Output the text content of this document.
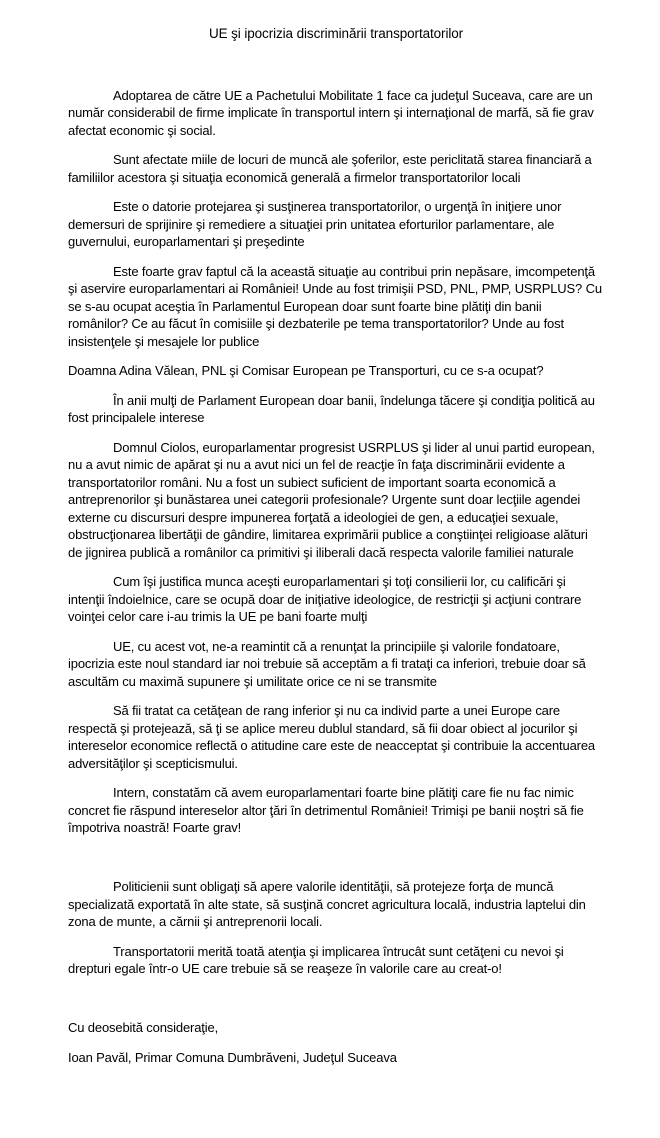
UE şi ipocrizia discriminării transportatorilor

Adoptarea de către UE a Pachetului Mobilitate 1 face ca judeţul Suceava, care are un număr considerabil de firme implicate în transportul intern şi internaţional de marfă, să fie grav afectat economic şi social.

Sunt afectate miile de locuri de muncă ale şoferilor, este periclitată starea financiară a familiilor acestora şi situaţia economică generală a firmelor transportatorilor locali

Este o datorie protejarea şi susţinerea transportatorilor, o urgenţă în iniţiere unor demersuri de sprijinire şi remediere a situaţiei prin unitatea eforturilor parlamentare, ale guvernului, europarlamentari şi preşedinte

Este foarte grav faptul că la această situaţie au contribui prin nepăsare, imcompetenţă şi aservire europarlamentari ai României! Unde au fost trimişii PSD, PNL, PMP, USRPLUS? Cu se s-au ocupat aceştia în Parlamentul European doar sunt foarte bine plătiţi din banii românilor? Ce au făcut în comisiile şi dezbaterile pe tema transportatorilor? Unde au fost insistenţele şi mesajele lor publice

Doamna Adina Vălean, PNL şi Comisar European pe Transporturi, cu ce s-a ocupat?

În anii mulţi de Parlament European doar banii, îndelunga tăcere şi condiţia politică au fost principalele interese

Domnul Ciolos, europarlamentar progresist USRPLUS şi lider al unui partid european, nu a avut nimic de apărat şi nu a avut nici un fel de reacţie în faţa discriminării evidente a transportatorilor români. Nu a fost un subiect suficient de important soarta economică a antreprenorilor şi bunăstarea unei categorii profesionale? Urgente sunt doar lecţiile agendei externe cu discursuri despre impunerea forţată a ideologiei de gen, a educaţiei sexuale, obstrucţionarea libertăţii de gândire, limitarea exprimării publice a conştiinţei religioase alături de jignirea publică a românilor ca primitivi şi iliberali dacă respecta valorile familiei naturale

Cum îşi justifica munca aceşti europarlamentari şi toţi consilierii lor, cu calificări şi intenţii îndoielnice, care se ocupă doar de iniţiative ideologice, de restricţii şi acţiuni contrare voinţei celor care i-au trimis la UE pe bani foarte mulţi

UE, cu acest vot, ne-a reamintit că a renunţat la principiile şi valorile fondatoare, ipocrizia este noul standard iar noi trebuie să acceptăm a fi trataţi ca inferiori, trebuie doar să ascultăm cu maximă supunere şi umilitate orice ce ni se transmite

Să fii tratat ca cetăţean de rang inferior şi nu ca individ parte a unei Europe care respectă şi protejează, să ţi se aplice mereu dublul standard, să fii doar obiect al jocurilor şi intereselor economice reflectă o atitudine care este de neacceptat şi contribuie la accentuarea adversităţilor şi scepticismului.

Intern, constatăm că avem europarlamentari foarte bine plătiţi care fie nu fac nimic concret fie răspund intereselor altor ţări în detrimentul României! Trimişi pe banii noştri să fie împotriva noastră! Foarte grav!

Politicienii sunt obligaţi să apere valorile identităţii, să protejeze forţa de muncă specializată exportată în alte state, să susţină concret agricultura locală, industria laptelui din zona de munte, a cărnii şi antreprenorii locali.

Transportatorii merită toată atenţia şi implicarea întrucât sunt cetăţeni cu nevoi şi drepturi egale într-o UE care trebuie să se reaşeze în valorile care au creat-o!

Cu deosebită consideraţie,

Ioan Pavăl, Primar Comuna Dumbrăveni, Judeţul Suceava
